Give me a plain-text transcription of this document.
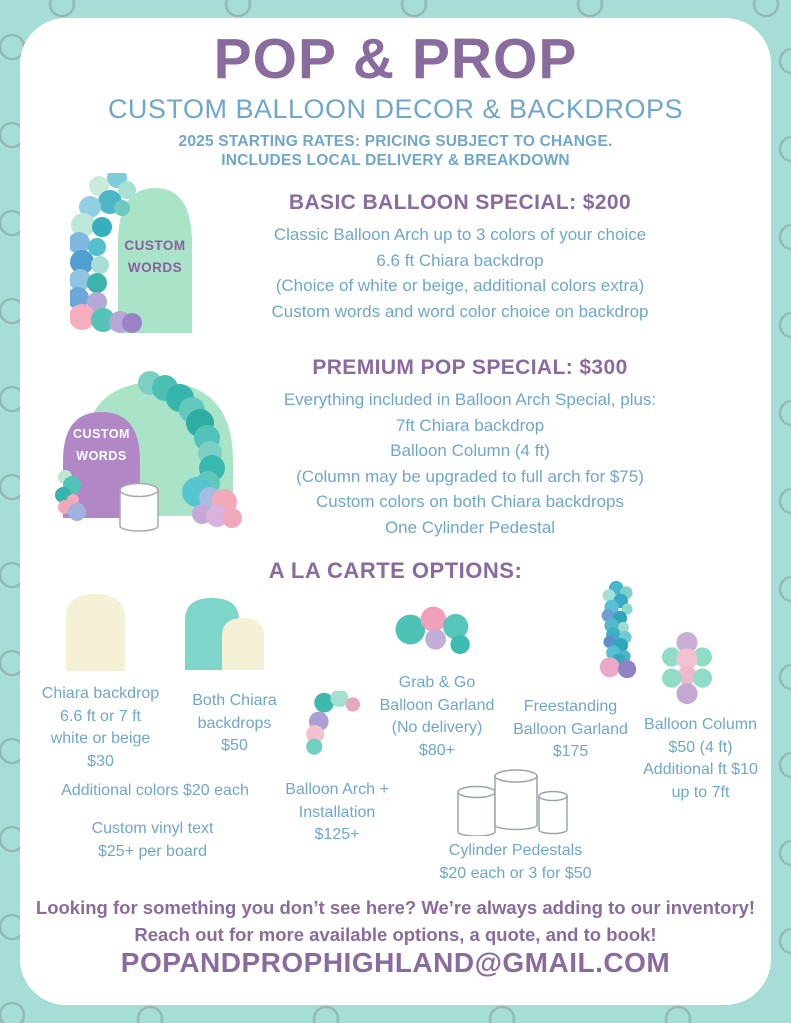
POP & PROP
CUSTOM BALLOON DECOR & BACKDROPS
2025 STARTING RATES: PRICING SUBJECT TO CHANGE.
INCLUDES LOCAL DELIVERY & BREAKDOWN
CUSTOM
WORDS
BASIC BALLOON SPECIAL: $200
Classic Balloon Arch up to 3 colors of your choice
6.6 ft Chiara backdrop
(Choice of white or beige, additional colors extra)
Custom words and word color choice on backdrop
CUSTOM
WORDS
PREMIUM POP SPECIAL: $300
Everything included in Balloon Arch Special, plus:
7ft Chiara backdrop
Balloon Column (4 ft)
(Column may be upgraded to full arch for $75)
Custom colors on both Chiara backdrops
One Cylinder Pedestal
A LA CARTE OPTIONS:
Chiara backdrop
6.6 ft or 7 ft
white or beige
$30
Both Chiara
backdrops
$50
Balloon Arch +
Installation
$125+
Grab & Go
Balloon Garland
(No delivery)
$80+
Freestanding
Balloon Garland
$175
Balloon Column
$50 (4 ft)
Additional ft $10
up to 7ft
Additional colors $20 each
Custom vinyl text
$25+ per board	Cylinder Pedestals
$20 each or 3 for $50
Looking for something you don’t see here? We’re always adding to our inventory!
Reach out for more available options, a quote, and to book!
POPANDPROPHIGHLAND@GMAIL.COM
